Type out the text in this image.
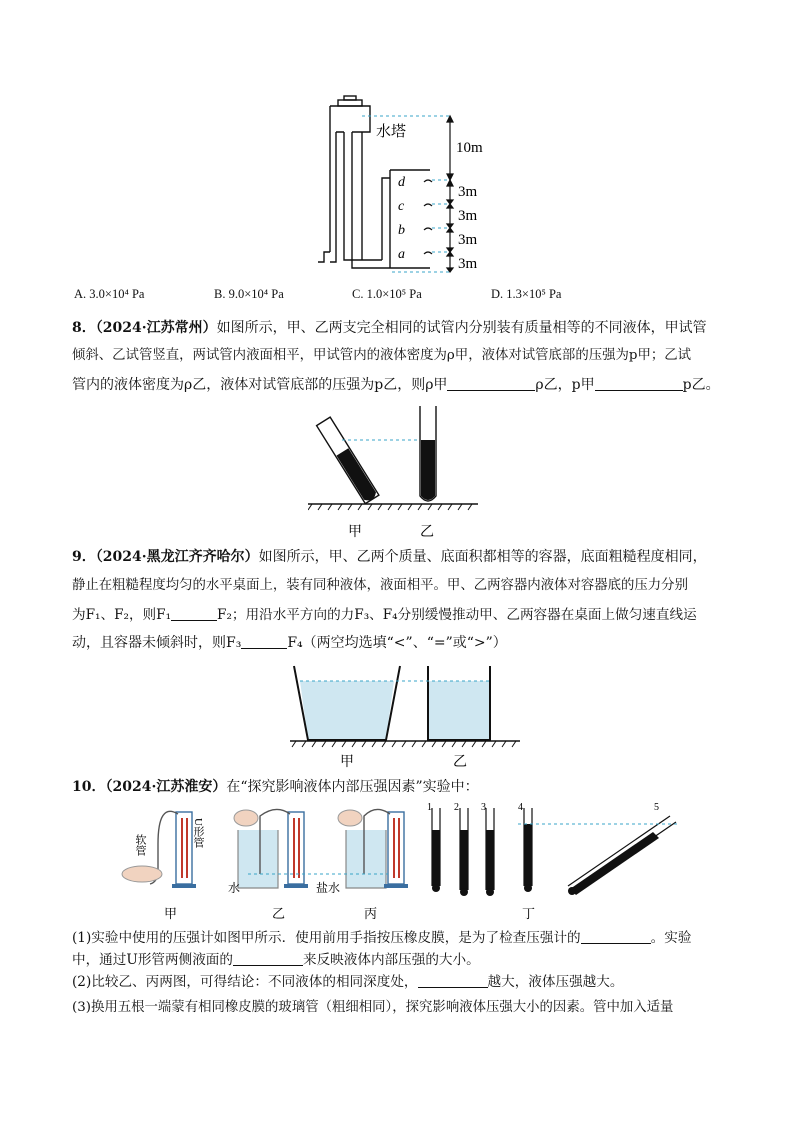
水塔
10m
3m
3m
3m
3m
d
c
b
a
A. 3.0×10⁴ Pa	B. 9.0×10⁴ Pa	C. 1.0×10⁵ Pa	D. 1.3×10⁵ Pa
8．（2024·江苏常州）如图所示，甲、乙两支完全相同的试管内分别装有质量相等的不同液体，甲试管
倾斜、乙试管竖直，两试管内液面相平，甲试管内的液体密度为ρ甲，液体对试管底部的压强为p甲；乙试
管内的液体密度为ρ乙，液体对试管底部的压强为p乙，则ρ甲	ρ乙，p甲	p乙。
甲	乙
9．（2024·黑龙江齐齐哈尔）如图所示，甲、乙两个质量、底面积都相等的容器，底面粗糙程度相同，
静止在粗糙程度均匀的水平桌面上，装有同种液体，液面相平。甲、乙两容器内液体对容器底的压力分别
为F₁、F₂，则F₁	F₂；用沿水平方向的力F₃、F₄分别缓慢推动甲、乙两容器在桌面上做匀速直线运
动，且容器未倾斜时，则F₃	F₄（两空均选填“<”、“=”或“>”）
甲	乙
10．（2024·江苏淮安）在“探究影响液体内部压强因素”实验中：
软管	U形管
水	盐水
1 2 3	4	5
甲	乙	丙	丁
(1)实验中使用的压强计如图甲所示．使用前用手指按压橡皮膜，是为了检查压强计的	。实验
中，通过U形管两侧液面的	来反映液体内部压强的大小。
(2)比较乙、丙两图，可得结论：不同液体的相同深度处，	越大，液体压强越大。
(3)换用五根一端蒙有相同橡皮膜的玻璃管（粗细相同），探究影响液体压强大小的因素。管中加入适量
